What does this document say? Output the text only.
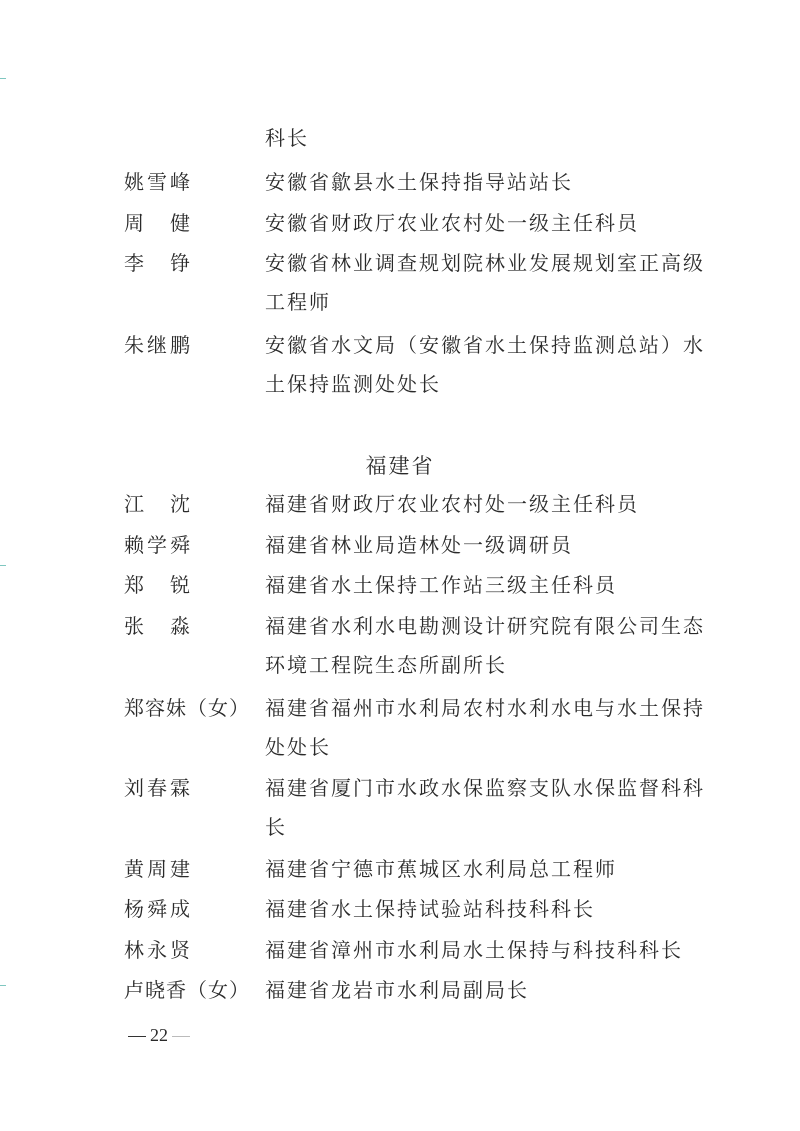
科长
姚雪峰	安徽省歙县水土保持指导站站长
周　健	安徽省财政厅农业农村处一级主任科员
李　铮	安徽省林业调查规划院林业发展规划室正高级
工程师
朱继鹏	安徽省水文局（安徽省水土保持监测总站）水
土保持监测处处长
福建省
江　沈	福建省财政厅农业农村处一级主任科员
赖学舜	福建省林业局造林处一级调研员
郑　锐	福建省水土保持工作站三级主任科员
张　淼	福建省水利水电勘测设计研究院有限公司生态
环境工程院生态所副所长
郑容妹（女） 福建省福州市水利局农村水利水电与水土保持
处处长
刘春霖	福建省厦门市水政水保监察支队水保监督科科
长
黄周建	福建省宁德市蕉城区水利局总工程师
杨舜成	福建省水土保持试验站科技科科长
林永贤	福建省漳州市水利局水土保持与科技科科长
卢晓香（女） 福建省龙岩市水利局副局长
22
